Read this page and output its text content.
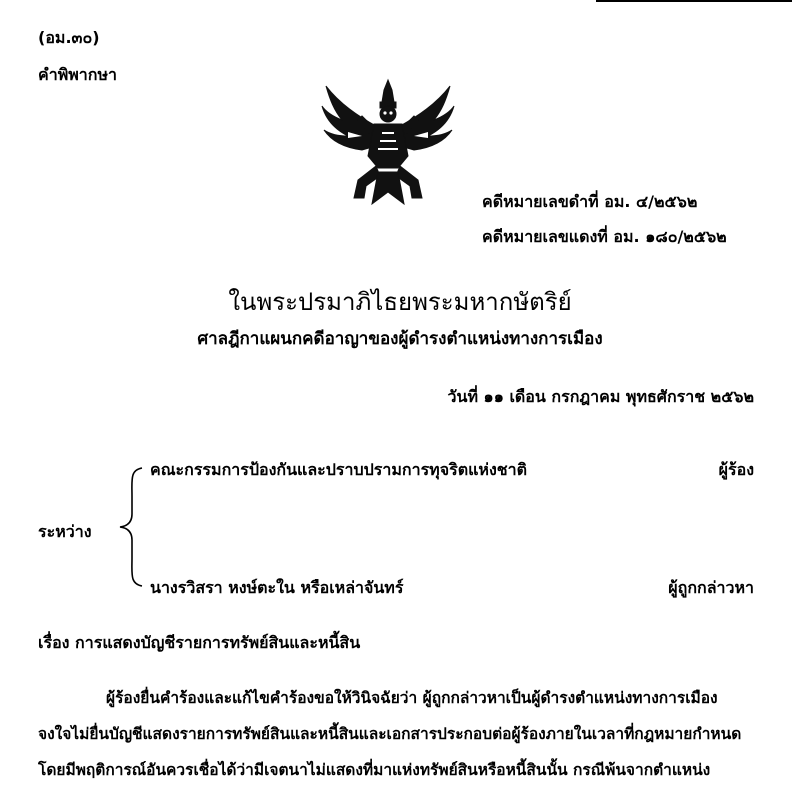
(อม.๓๐)
คำพิพากษา
คดีหมายเลขดำที่ อม. ๔/๒๕๖๒
คดีหมายเลขแดงที่ อม. ๑๘๐/๒๕๖๒
ในพระปรมาภิไธยพระมหากษัตริย์
ศาลฎีกาแผนกคดีอาญาของผู้ดำรงตำแหน่งทางการเมือง
วันที่ ๑๑ เดือน กรกฎาคม พุทธศักราช ๒๕๖๒
คณะกรรมการป้องกันและปราบปรามการทุจริตแห่งชาติ	ผู้ร้อง
ระหว่าง
นางรวิสรา หงษ์ตะใน หรือเหล่าจันทร์	ผู้ถูกกล่าวหา
เรื่อง การแสดงบัญชีรายการทรัพย์สินและหนี้สิน
ผู้ร้องยื่นคำร้องและแก้ไขคำร้องขอให้วินิจฉัยว่า ผู้ถูกกล่าวหาเป็นผู้ดำรงตำแหน่งทางการเมือง
จงใจไม่ยื่นบัญชีแสดงรายการทรัพย์สินและหนี้สินและเอกสารประกอบต่อผู้ร้องภายในเวลาที่กฎหมายกำหนด
โดยมีพฤติการณ์อันควรเชื่อได้ว่ามีเจตนาไม่แสดงที่มาแห่งทรัพย์สินหรือหนี้สินนั้น กรณีพ้นจากตำแหน่ง
